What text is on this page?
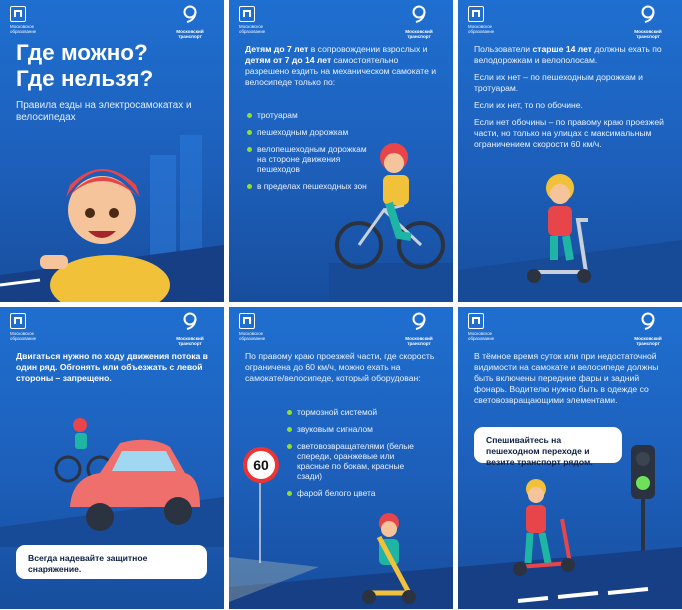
Московское
образование	Московский
транспорт
Где можно?
Где нельзя?
Правила езды на электросамокатах и велосипедах
Московское
образование	Московский
транспорт
Детям до 7 лет в сопровождении взрослых и детям от 7 до 14 лет самостоятельно разрешено ездить на механическом самокате и велосипеде только по:
тротуарам
пешеходным дорожкам
велопешеходным дорожкам на стороне движения пешеходов
в пределах пешеходных зон
Московское
образование	Московский
транспорт
Пользователи старше 14 лет должны ехать по велодорожкам и велополосам.
Если их нет – по пешеходным дорожкам и тротуарам.
Если их нет, то по обочине.
Если нет обочины – по правому краю проезжей части, но только на улицах с максимальным ограничением скорости 60 км/ч.
Московское
образование	Московский
транспорт
Двигаться нужно по ходу движения потока в один ряд. Обгонять или объезжать с левой стороны – запрещено.
Всегда надевайте защитное снаряжение.
Московское
образование	Московский
транспорт
По правому краю проезжей части, где скорость ограничена до 60 км/ч, можно ехать на самокате/велосипеде, который оборудован:
тормозной системой
звуковым сигналом
световозвращателями (белые спереди, оранжевые или красные по бокам, красные сзади)
фарой белого цвета
60
Московское
образование	Московский
транспорт
В тёмное время суток или при недостаточной видимости на самокате и велосипеде должны быть включены передние фары и задний фонарь. Водителю нужно быть в одежде со световозвращающими элементами.
Спешивайтесь на пешеходном переходе и везите транспорт рядом.
